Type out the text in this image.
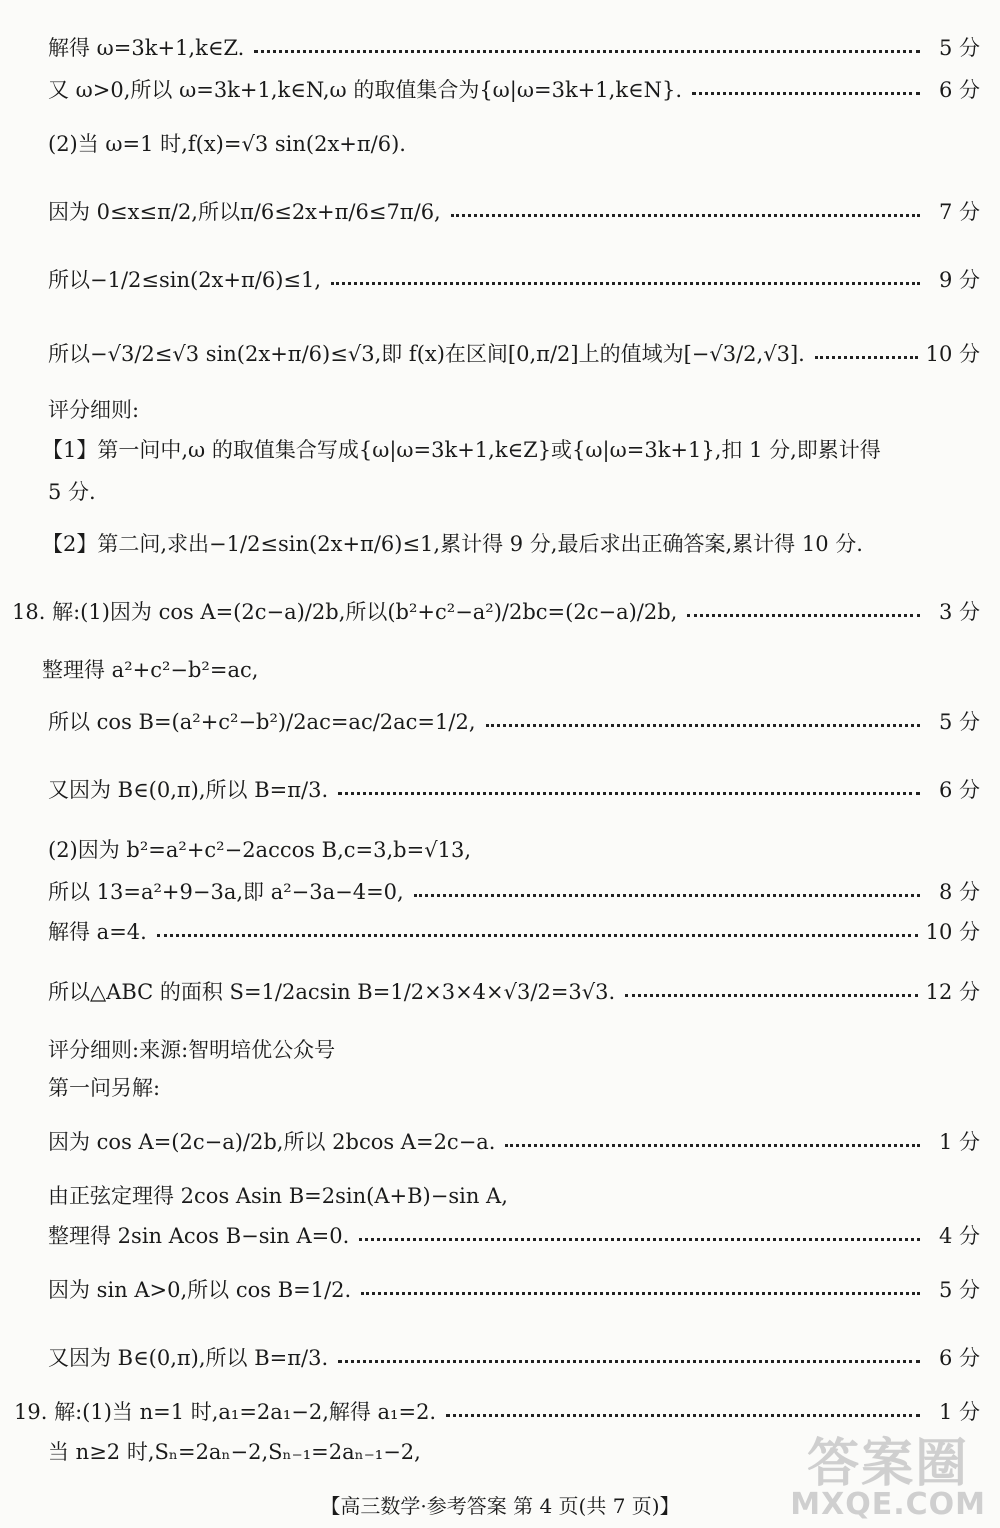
解得 ω=3k+1,k∈Z.	5 分
又 ω>0,所以 ω=3k+1,k∈N,ω 的取值集合为{ω|ω=3k+1,k∈N}.	6 分
(2)当 ω=1 时,f(x)=√3 sin(2x+π/6).
因为 0≤x≤π/2,所以π/6≤2x+π/6≤7π/6,	7 分
所以−1/2≤sin(2x+π/6)≤1,	9 分
所以−√3/2≤√3 sin(2x+π/6)≤√3,即 f(x)在区间[0,π/2]上的值域为[−√3/2,√3].	10 分
评分细则:
【1】第一问中,ω 的取值集合写成{ω|ω=3k+1,k∈Z}或{ω|ω=3k+1},扣 1 分,即累计得
5 分.
【2】第二问,求出−1/2≤sin(2x+π/6)≤1,累计得 9 分,最后求出正确答案,累计得 10 分.
18. 解:(1)因为 cos A=(2c−a)/2b,所以(b²+c²−a²)/2bc=(2c−a)/2b,	3 分
整理得 a²+c²−b²=ac,
所以 cos B=(a²+c²−b²)/2ac=ac/2ac=1/2,	5 分
又因为 B∈(0,π),所以 B=π/3.	6 分
(2)因为 b²=a²+c²−2accos B,c=3,b=√13,
所以 13=a²+9−3a,即 a²−3a−4=0,	8 分
解得 a=4.	10 分
所以△ABC 的面积 S=1/2acsin B=1/2×3×4×√3/2=3√3.	12 分
评分细则:来源:智明培优公众号
第一问另解:
因为 cos A=(2c−a)/2b,所以 2bcos A=2c−a.	1 分
由正弦定理得 2cos Asin B=2sin(A+B)−sin A,
整理得 2sin Acos B−sin A=0.	4 分
因为 sin A>0,所以 cos B=1/2.	5 分
又因为 B∈(0,π),所以 B=π/3.	6 分
19. 解:(1)当 n=1 时,a₁=2a₁−2,解得 a₁=2.	1 分
当 n≥2 时,Sₙ=2aₙ−2,Sₙ₋₁=2aₙ₋₁−2,
【高三数学·参考答案 第 4 页(共 7 页)】
答案圈
MXQE.COM
